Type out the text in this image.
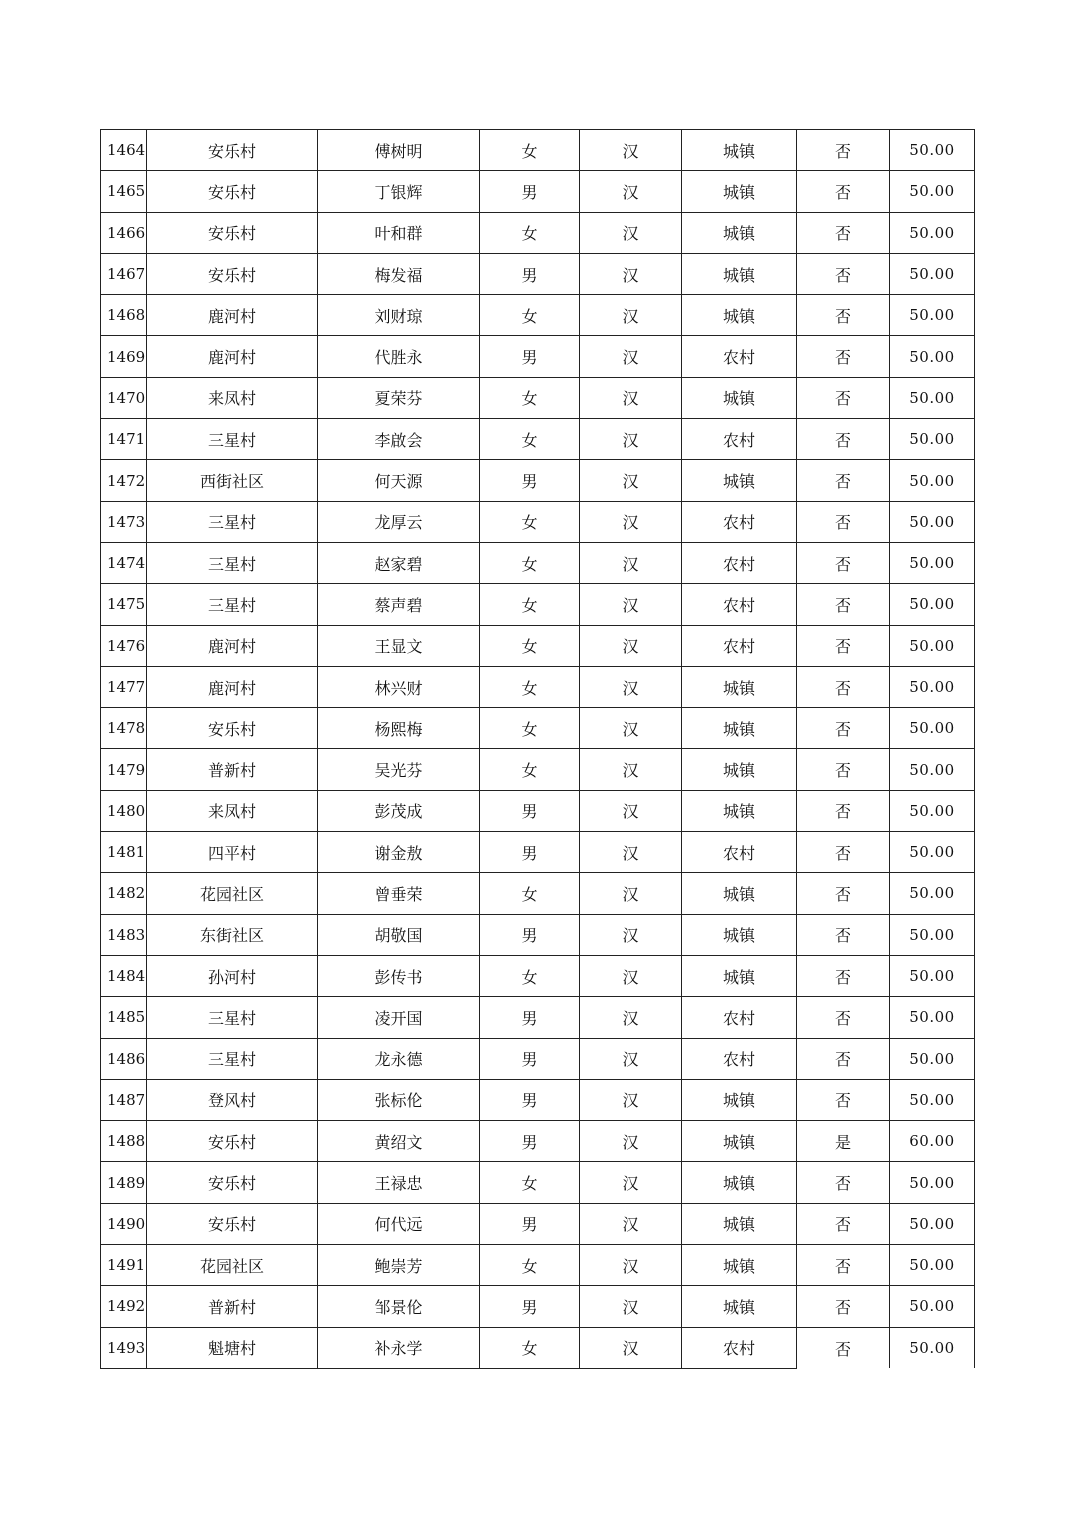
1464	安乐村	傅树明	女	汉	城镇	否	50.00
1465	安乐村	丁银辉	男	汉	城镇	否	50.00
1466	安乐村	叶和群	女	汉	城镇	否	50.00
1467	安乐村	梅发福	男	汉	城镇	否	50.00
1468	鹿河村	刘财琼	女	汉	城镇	否	50.00
1469	鹿河村	代胜永	男	汉	农村	否	50.00
1470	来凤村	夏荣芬	女	汉	城镇	否	50.00
1471	三星村	李啟会	女	汉	农村	否	50.00
1472	西街社区	何天源	男	汉	城镇	否	50.00
1473	三星村	龙厚云	女	汉	农村	否	50.00
1474	三星村	赵家碧	女	汉	农村	否	50.00
1475	三星村	蔡声碧	女	汉	农村	否	50.00
1476	鹿河村	王显文	女	汉	农村	否	50.00
1477	鹿河村	林兴财	女	汉	城镇	否	50.00
1478	安乐村	杨熙梅	女	汉	城镇	否	50.00
1479	普新村	吴光芬	女	汉	城镇	否	50.00
1480	来凤村	彭茂成	男	汉	城镇	否	50.00
1481	四平村	谢金敖	男	汉	农村	否	50.00
1482	花园社区	曾垂荣	女	汉	城镇	否	50.00
1483	东街社区	胡敬国	男	汉	城镇	否	50.00
1484	孙河村	彭传书	女	汉	城镇	否	50.00
1485	三星村	凌开国	男	汉	农村	否	50.00
1486	三星村	龙永德	男	汉	农村	否	50.00
1487	登风村	张标伦	男	汉	城镇	否	50.00
1488	安乐村	黄绍文	男	汉	城镇	是	60.00
1489	安乐村	王禄忠	女	汉	城镇	否	50.00
1490	安乐村	何代远	男	汉	城镇	否	50.00
1491	花园社区	鲍崇芳	女	汉	城镇	否	50.00
1492	普新村	邹景伦	男	汉	城镇	否	50.00
1493	魁塘村	补永学	女	汉	农村	否	50.00
